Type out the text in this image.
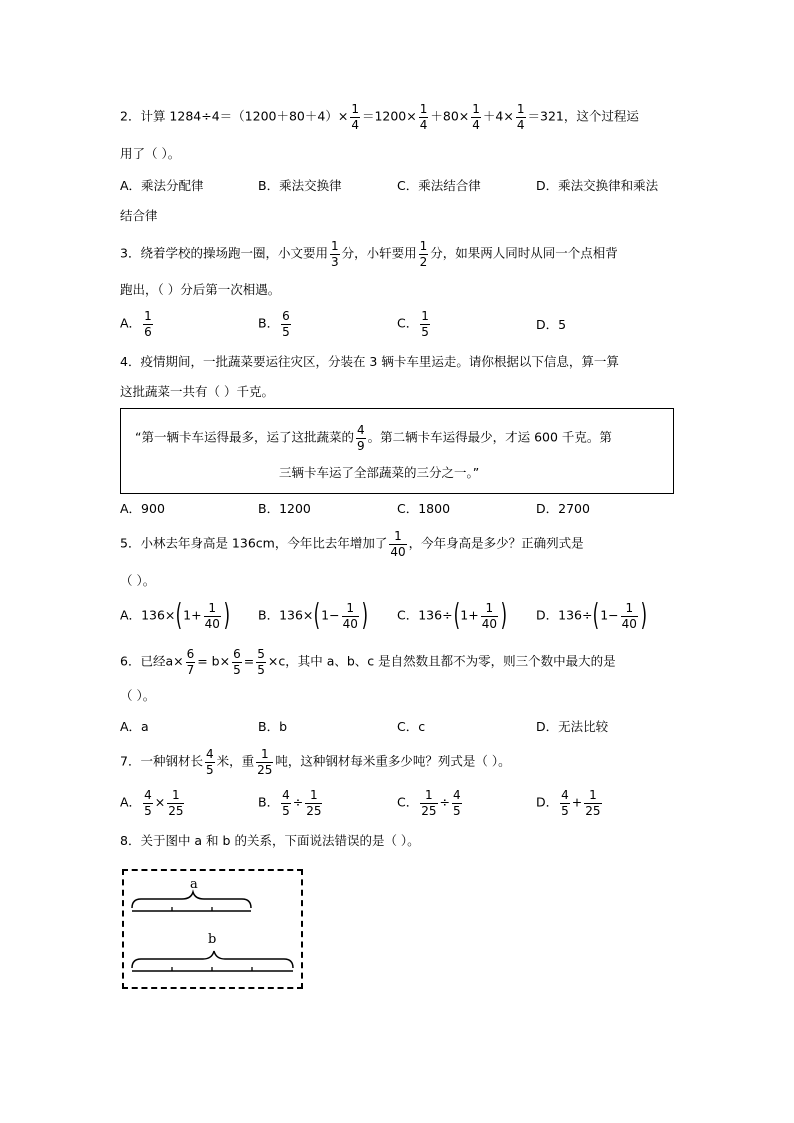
2．计算 $1284\div 4=(1200+80+4)\times \frac{1}{4} =1200\times \frac{1}{4} +80\times \frac{1}{4} +4\times \frac{1}{4} =321$，这个过程运
用了（ ）。
A．乘法分配律	B．乘法交换律	C．乘法结合律	D．乘法交换律和乘法
结合律
3．绕着学校的操场跑一圈，小文要用 $\frac{1}{3}$ 分，小轩要用 $\frac{1}{2}$ 分，如果两人同时从同一个点相背
跑出，（ ）分后第一次相遇。
A． $\frac{1}{6}$	B． $\frac{6}{5}$	C． $\frac{1}{5}$	D．5
4．疫情期间，一批蔬菜要运往灾区，分装在 3 辆卡车里运走。请你根据以下信息，算一算
这批蔬菜一共有（ ）千克。
“第一辆卡车运得最多，运了这批蔬菜的 $\frac{4}{9}$ 。第二辆卡车运得最少，才运 600 千克。第
三辆卡车运了全部蔬菜的三分之一。”
A．900	B．1200	C．1800	D．2700
5．小林去年身高是 136cm，今年比去年增加了 $\frac{1}{40}$ ，今年身高是多少？正确列式是
（ ）。
A．$136\times(1+ \frac{1}{40}$ ) B．$136\times(1- \frac{1}{40}$ ) C．$136\div(1+ \frac{1}{40}$ ) D．$136\div(1- \frac{1}{40}$ )
6．已经$a\times \frac{6}{7} = b\times \frac{6}{5} = \frac{5}{5} \times c$，其中 a、b、c 是自然数且都不为零，则三个数中最大的是
（ ）。
A．a	B．b	C．c	D．无法比较
7．一种钢材长 $\frac{4}{5}$ 米，重 $\frac{1}{25}$ 吨，这种钢材每米重多少吨？列式是（ ）。
A． $\frac{4}{5} \times \frac{1}{25}$	B． $\frac{4}{5} \div \frac{1}{25}$	C． $\frac{1}{25} \div \frac{4}{5}$	D． $\frac{4}{5} + \frac{1}{25}$
8．关于图中 a 和 b 的关系，下面说法错误的是（ ）。
a
b
